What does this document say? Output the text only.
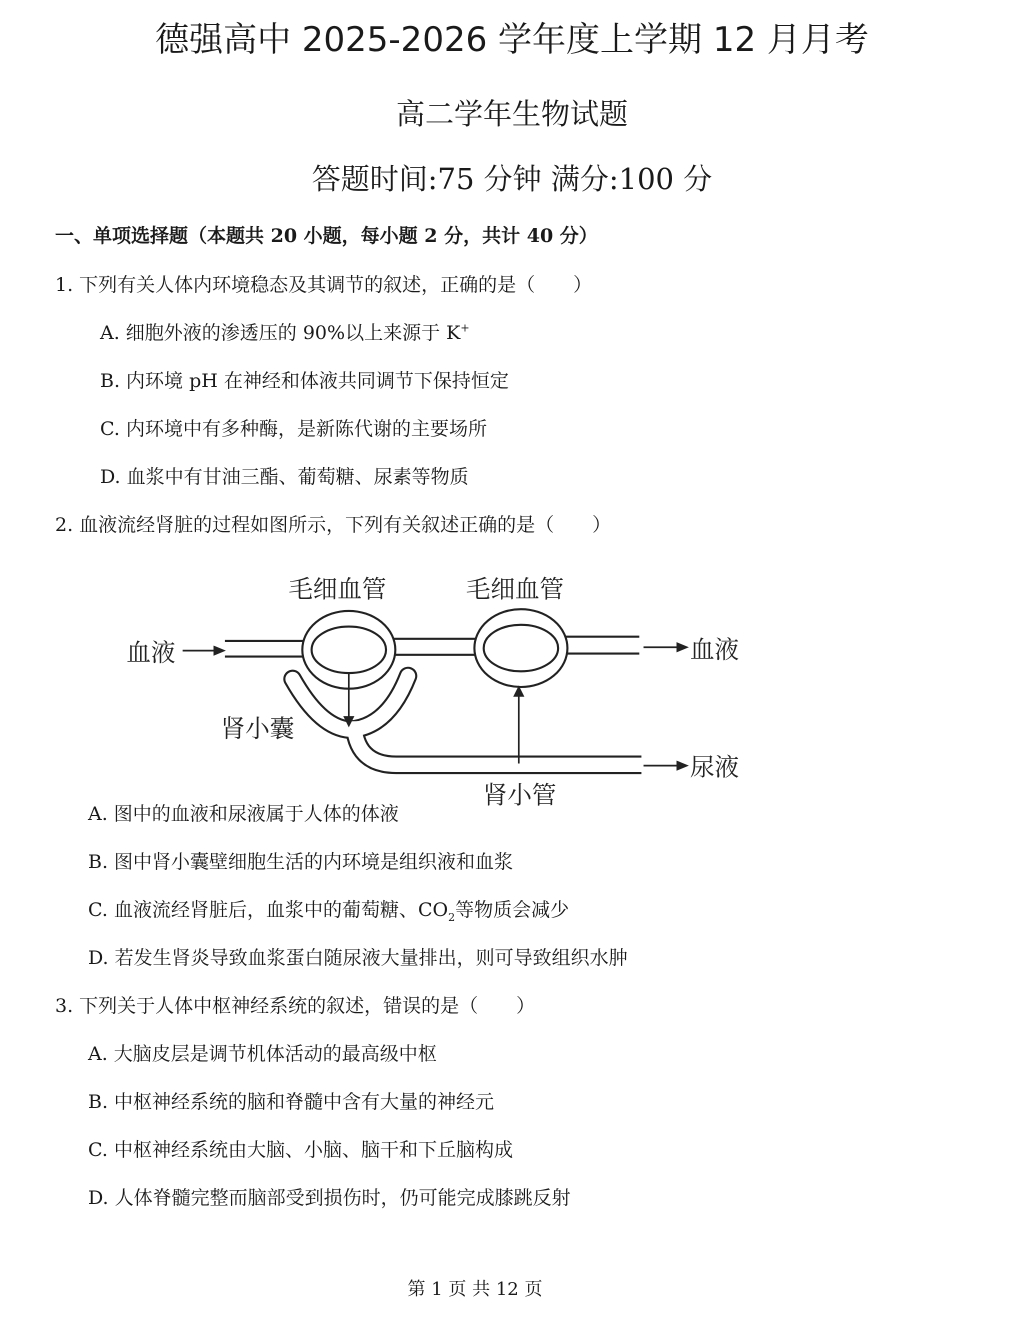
德强高中 2025-2026 学年度上学期 12 月月考
高二学年生物试题
答题时间:75 分钟 满分:100 分
一、单项选择题（本题共 20 小题，每小题 2 分，共计 40 分）
1. 下列有关人体内环境稳态及其调节的叙述，正确的是（　　）
A. 细胞外液的渗透压的 90%以上来源于 K+
B. 内环境 pH 在神经和体液共同调节下保持恒定
C. 内环境中有多种酶，是新陈代谢的主要场所
D. 血浆中有甘油三酯、葡萄糖、尿素等物质
2. 血液流经肾脏的过程如图所示，下列有关叙述正确的是（　　）
毛细血管 毛细血管
血液	血液
肾小囊
尿液
肾小管
A. 图中的血液和尿液属于人体的体液
B. 图中肾小囊壁细胞生活的内环境是组织液和血浆
C. 血液流经肾脏后，血浆中的葡萄糖、$CO_2$等物质会减少
D. 若发生肾炎导致血浆蛋白随尿液大量排出，则可导致组织水肿
3. 下列关于人体中枢神经系统的叙述，错误的是（　　）
A. 大脑皮层是调节机体活动的最高级中枢
B. 中枢神经系统的脑和脊髓中含有大量的神经元
C. 中枢神经系统由大脑、小脑、脑干和下丘脑构成
D. 人体脊髓完整而脑部受到损伤时，仍可能完成膝跳反射
第 1 页 共 12 页
